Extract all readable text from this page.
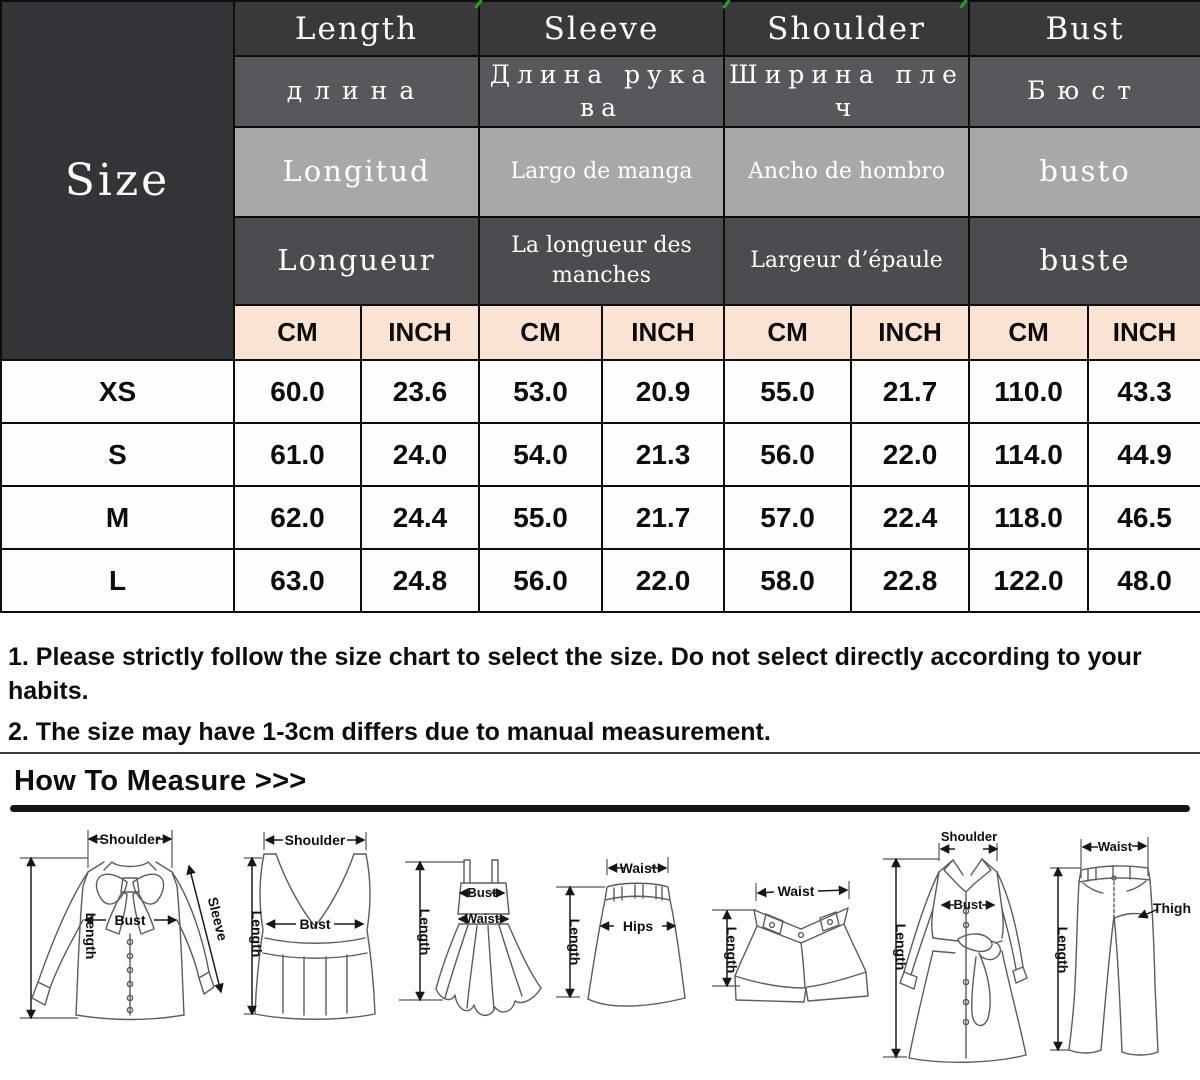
Size	Length		Sleeve		Shoulder		Bust	
	длина		Длина рукава		Ширина плеч		Бюст	
	Longitud		Largo de manga		Ancho de hombro		busto	
	Longueur		La longueur des manches		Largeur d’épaule		buste	
	CM	INCH	CM	INCH	CM	INCH	CM	INCH
XS	60.0	23.6	53.0	20.9	55.0	21.7	110.0	43.3
S	61.0	24.0	54.0	21.3	56.0	22.0	114.0	44.9
M	62.0	24.4	55.0	21.7	57.0	22.4	118.0	46.5
L	63.0	24.8	56.0	22.0	58.0	22.8	122.0	48.0
1. Please strictly follow the size chart to select the size. Do not select directly according to your habits.
2. The size may have 1-3cm differs due to manual measurement.
How To Measure >>>
Shoulder
Length Bust	Sleeve
Shoulder
Length Bust
Bust
Waist
Length
Waist
Hips
Length
Waist
Length
Shoulder
Bust
Length
Waist
Thigh
Length
